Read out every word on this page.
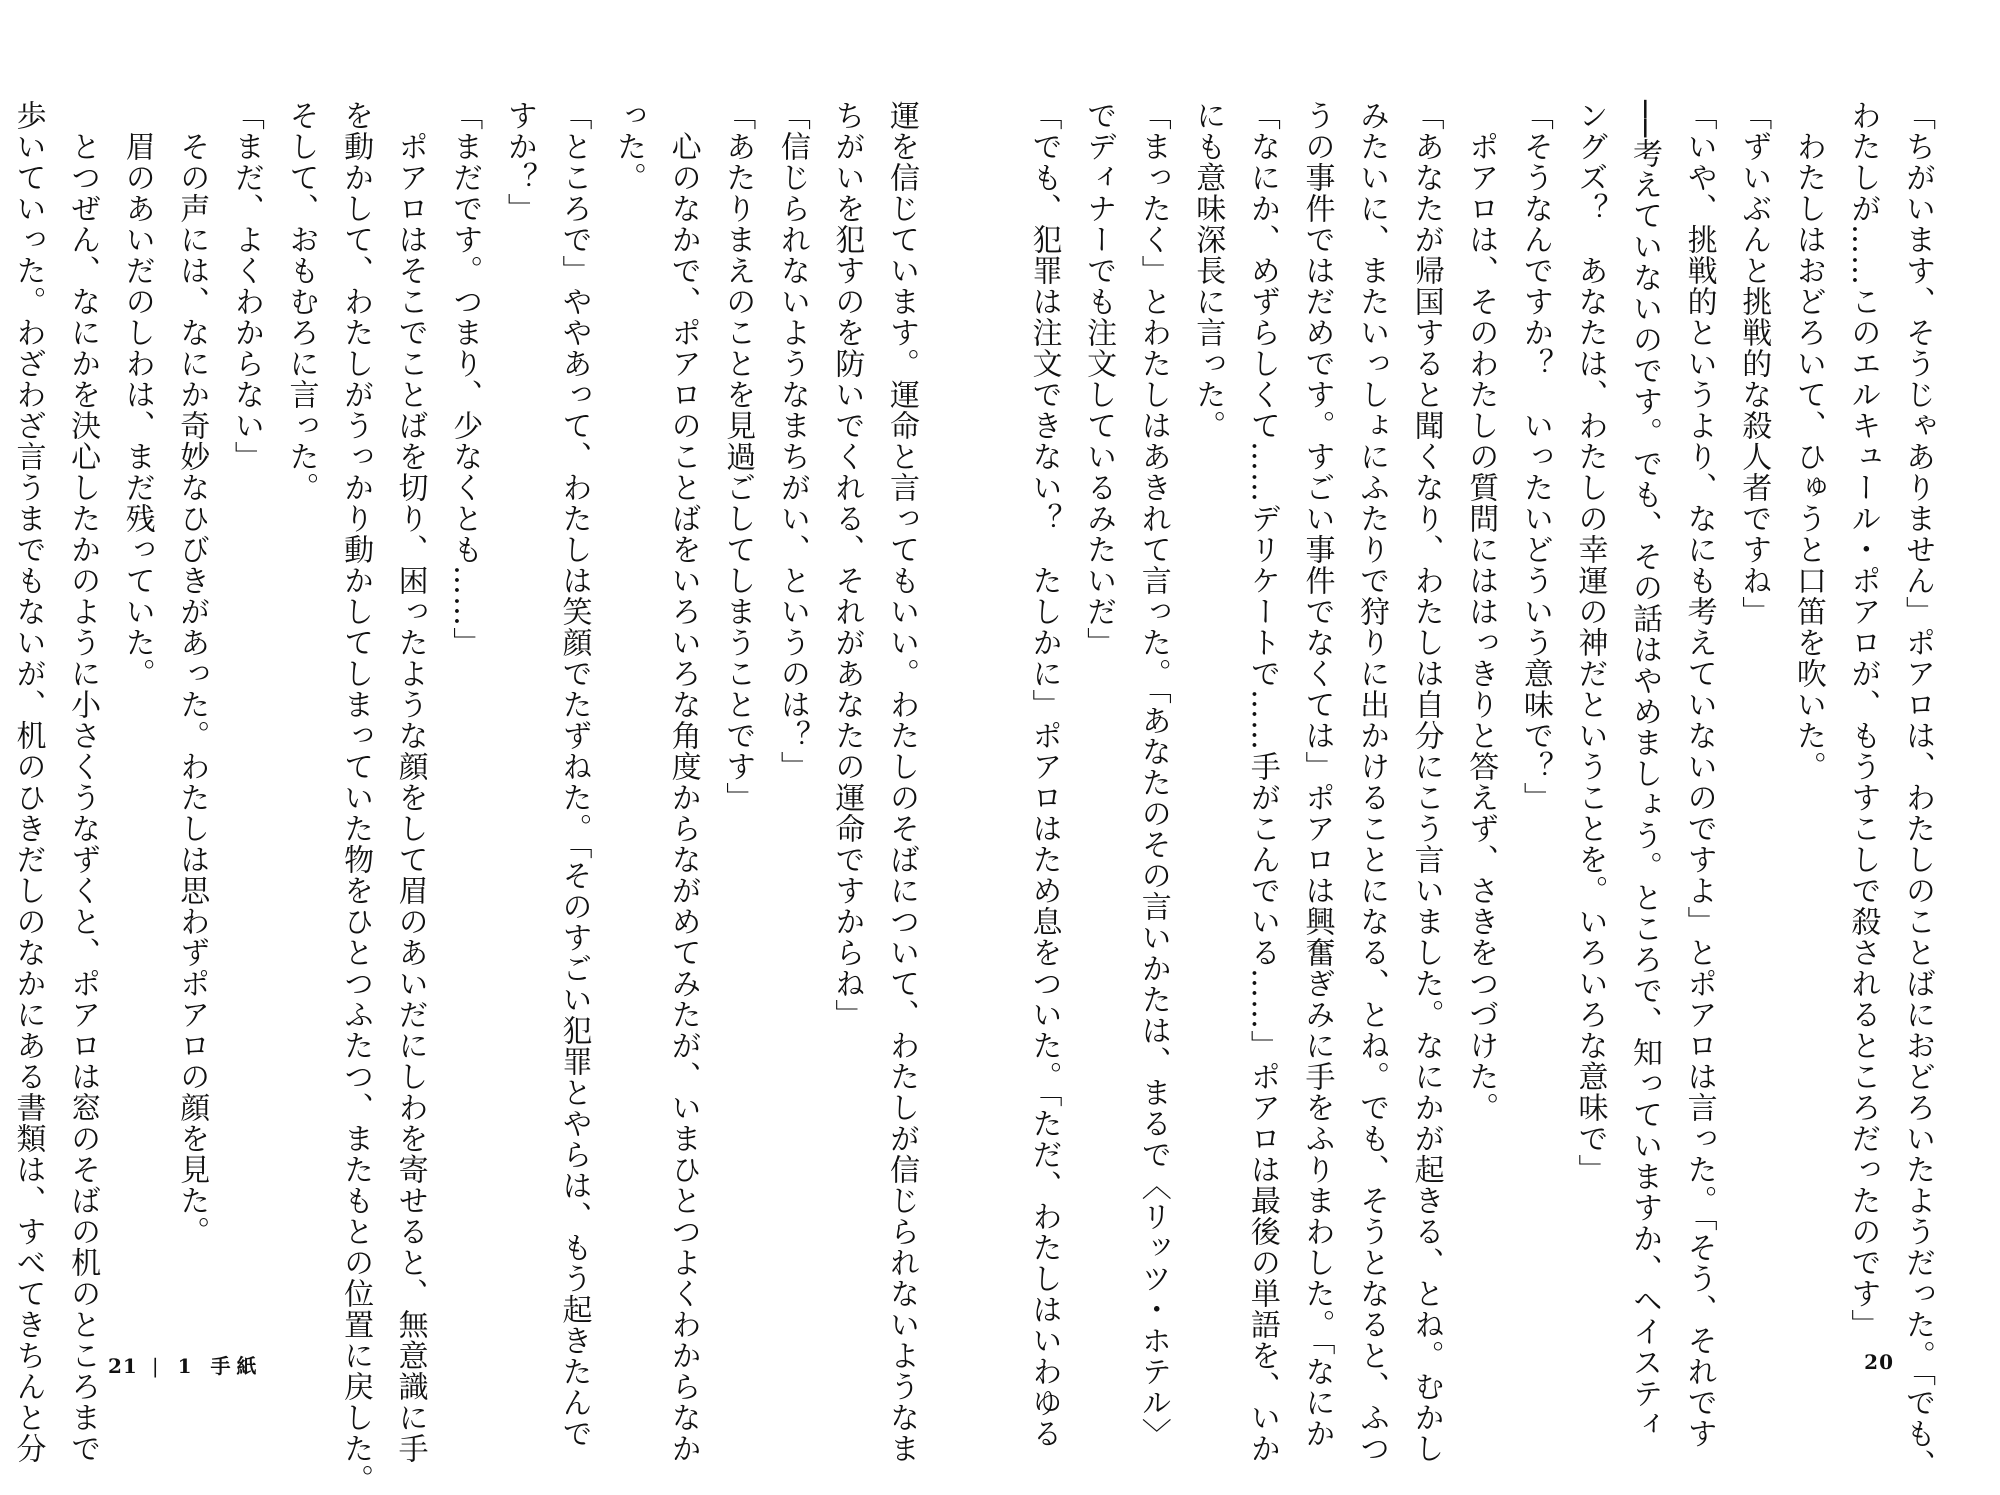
「ちがいます、そうじゃありません」ポアロは、わたしのことばにおどろいたようだった。「でも、
わたしが……このエルキュール・ポアロが、もうすこしで殺されるところだったのです」
　わたしはおどろいて、ひゅうと口笛を吹いた。
「ずいぶんと挑戦的な殺人者ですね」
「いや、挑戦的というより、なにも考えていないのですよ」とポアロは言った。「そう、それです
──考えていないのです。でも、その話はやめましょう。ところで、知っていますか、ヘイスティ
ングズ？　あなたは、わたしの幸運の神だということを。いろいろな意味で」
「そうなんですか？　いったいどういう意味で？」
　ポアロは、そのわたしの質問にははっきりと答えず、さきをつづけた。
「あなたが帰国すると聞くなり、わたしは自分にこう言いました。なにかが起きる、とね。むかし
みたいに、またいっしょにふたりで狩りに出かけることになる、とね。でも、そうとなると、ふつ
うの事件ではだめです。すごい事件でなくては」ポアロは興奮ぎみに手をふりまわした。「なにか
「なにか、めずらしくて……デリケートで……手がこんでいる……」ポアロは最後の単語を、いか
にも意味深長に言った。
「まったく」とわたしはあきれて言った。「あなたのその言いかたは、まるで〈リッツ・ホテル〉
でディナーでも注文しているみたいだ」
「でも、犯罪は注文できない？　たしかに」ポアロはため息をついた。「ただ、わたしはいわゆる	20
運を信じています。運命と言ってもいい。わたしのそばについて、わたしが信じられないようなま
ちがいを犯すのを防いでくれる、それがあなたの運命ですからね」
「信じられないようなまちがい、というのは？」
「あたりまえのことを見過ごしてしまうことです」
　心のなかで、ポアロのことばをいろいろな角度からながめてみたが、いまひとつよくわからなか
った。
「ところで」ややあって、わたしは笑顔でたずねた。「そのすごい犯罪とやらは、もう起きたんで
すか？」
「まだです。つまり、少なくとも……」
　ポアロはそこでことばを切り、困ったような顔をして眉のあいだにしわを寄せると、無意識に手
を動かして、わたしがうっかり動かしてしまっていた物をひとつふたつ、またもとの位置に戻した。
そして、おもむろに言った。
「まだ、よくわからない」
　その声には、なにか奇妙なひびきがあった。わたしは思わずポアロの顔を見た。
　眉のあいだのしわは、まだ残っていた。
　とつぜん、なにかを決心したかのように小さくうなずくと、ポアロは窓のそばの机のところまで
歩いていった。わざわざ言うまでもないが、机のひきだしのなかにある書類は、すべてきちんと分	21 | 1 手紙
